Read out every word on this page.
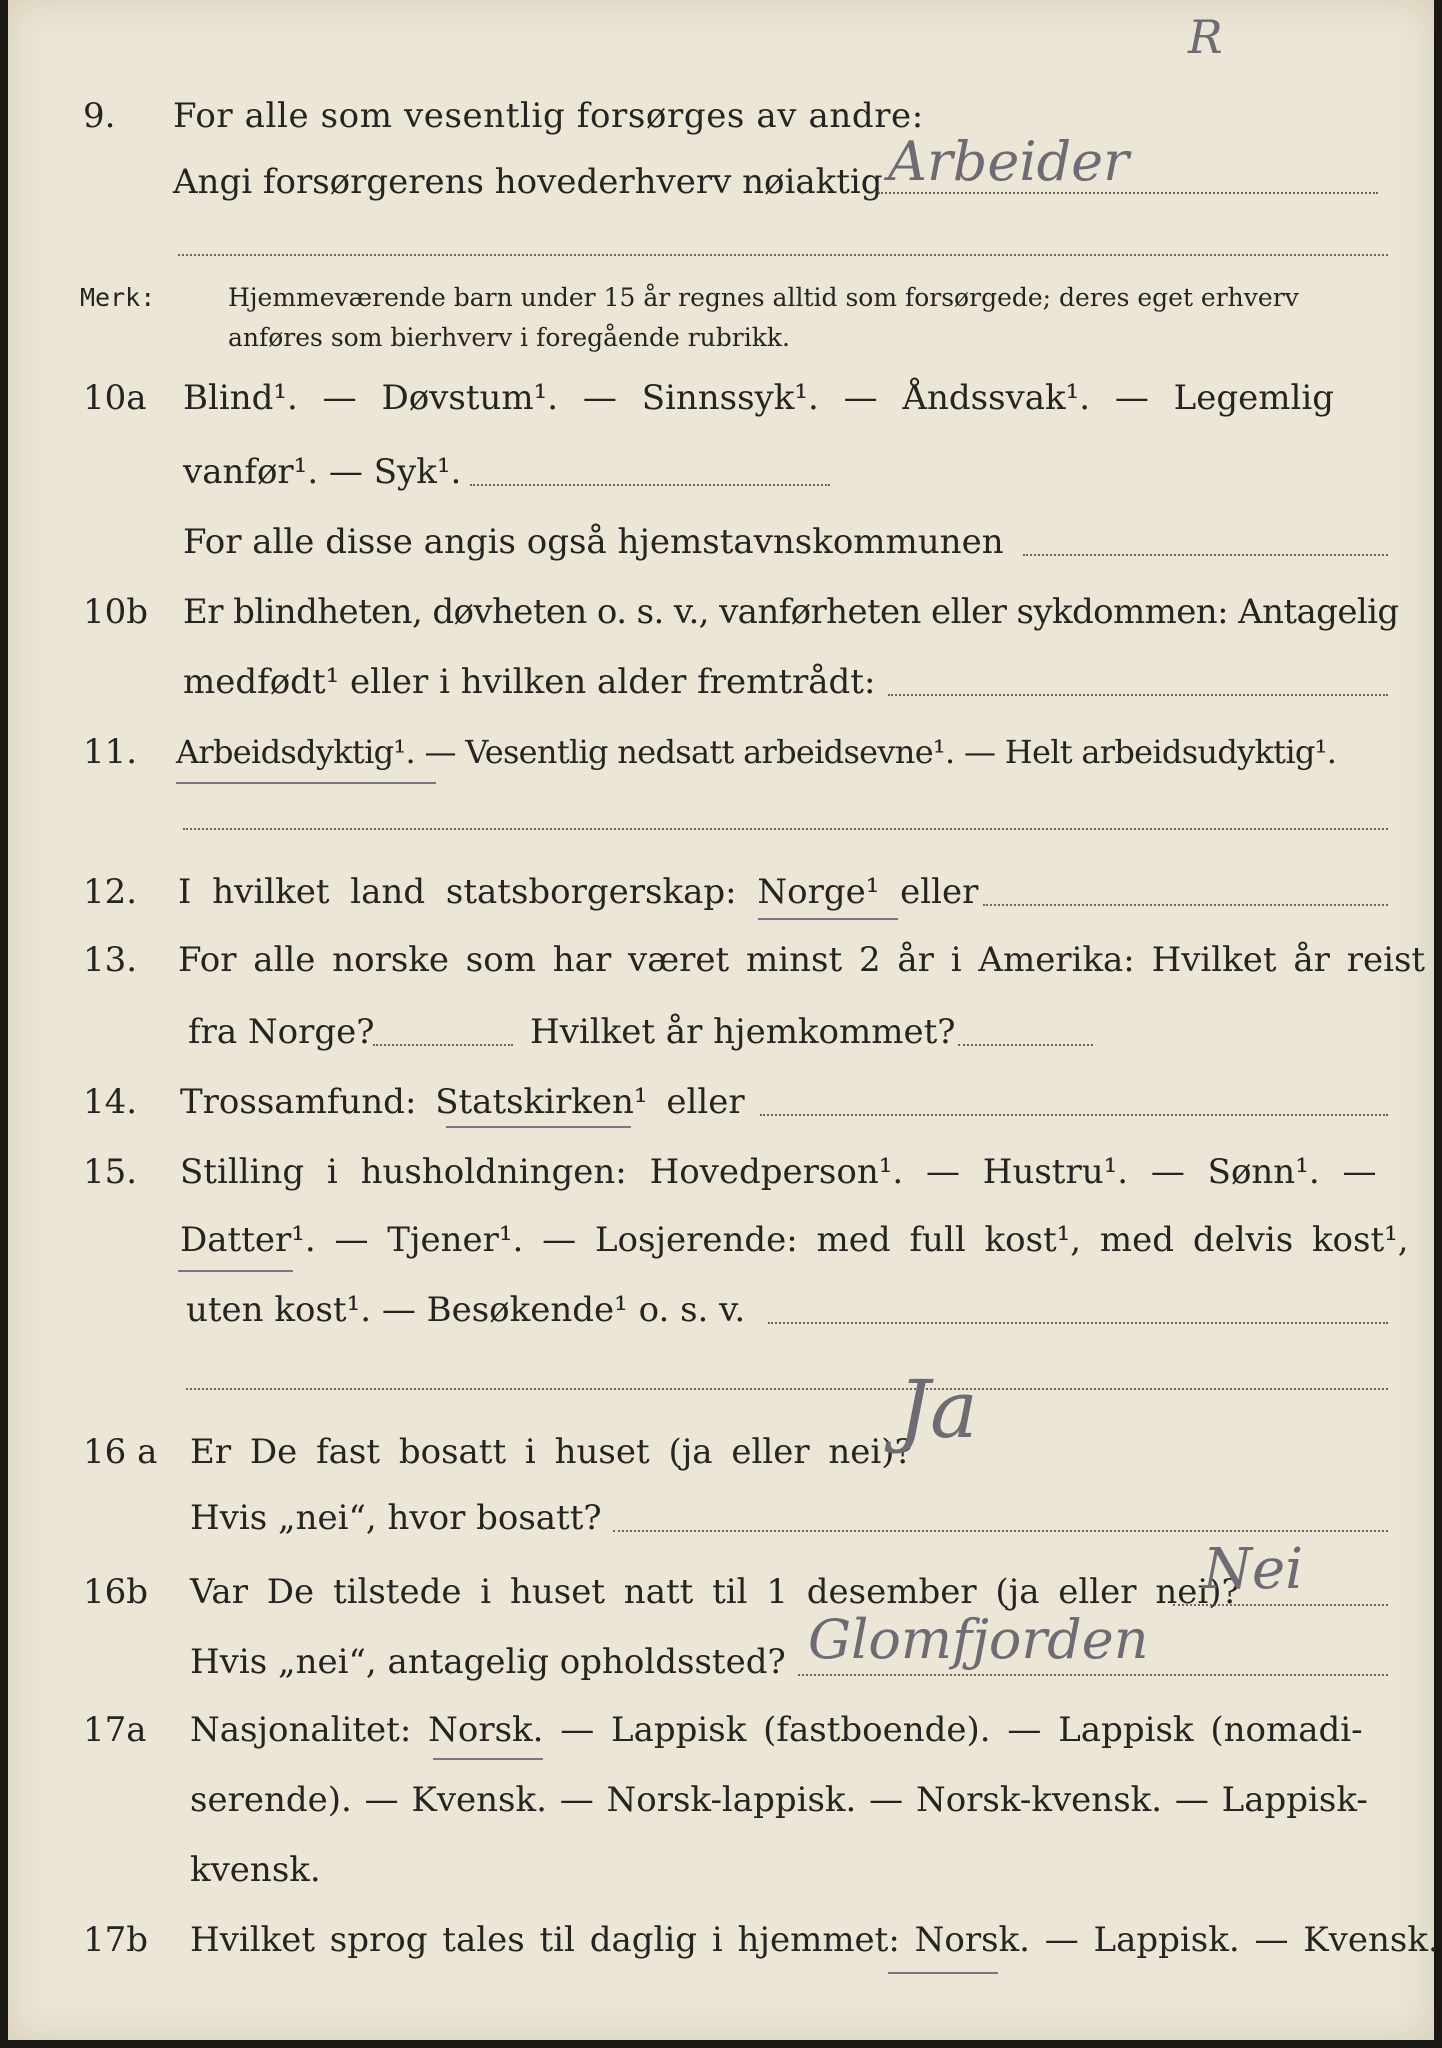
R
9. For alle som vesentlig forsørges av andre:
Angi forsørgerens hovederhverv nøiaktig Arbeider
Merk:	Hjemmeværende barn under 15 år regnes alltid som forsørgede; deres eget erhverv
anføres som bierhverv i foregående rubrikk.
10a Blind¹. — Døvstum¹. — Sinnssyk¹. — Åndssvak¹. — Legemlig
vanfør¹. — Syk¹.
For alle disse angis også hjemstavnskommunen
10b Er blindheten, døvheten o. s. v., vanførheten eller sykdommen: Antagelig
medfødt¹ eller i hvilken alder fremtrådt:
11. Arbeidsdyktig¹. — Vesentlig nedsatt arbeidsevne¹. — Helt arbeidsudyktig¹.
12. I hvilket land statsborgerskap: Norge¹ eller
13. For alle norske som har været minst 2 år i Amerika: Hvilket år reist
fra Norge?	Hvilket år hjemkommet?
14. Trossamfund: Statskirken¹ eller
15. Stilling i husholdningen: Hovedperson¹. — Hustru¹. — Sønn¹. —
Datter¹. — Tjener¹. — Losjerende: med full kost¹, med delvis kost¹,
uten kost¹. — Besøkende¹ o. s. v.
16 a Er De fast bosatt i huset (ja eller nei)?
Ja
Hvis „nei“, hvor bosatt?
16b Var De tilstede i huset natt til 1 desember (ja eller nei)?
Nei
Hvis „nei“, antagelig opholdssted? Glomfjorden
17a Nasjonalitet: Norsk. — Lappisk (fastboende). — Lappisk (nomadi-
serende). — Kvensk. — Norsk-lappisk. — Norsk-kvensk. — Lappisk-
kvensk.
17b Hvilket sprog tales til daglig i hjemmet: Norsk. — Lappisk. — Kvensk.
